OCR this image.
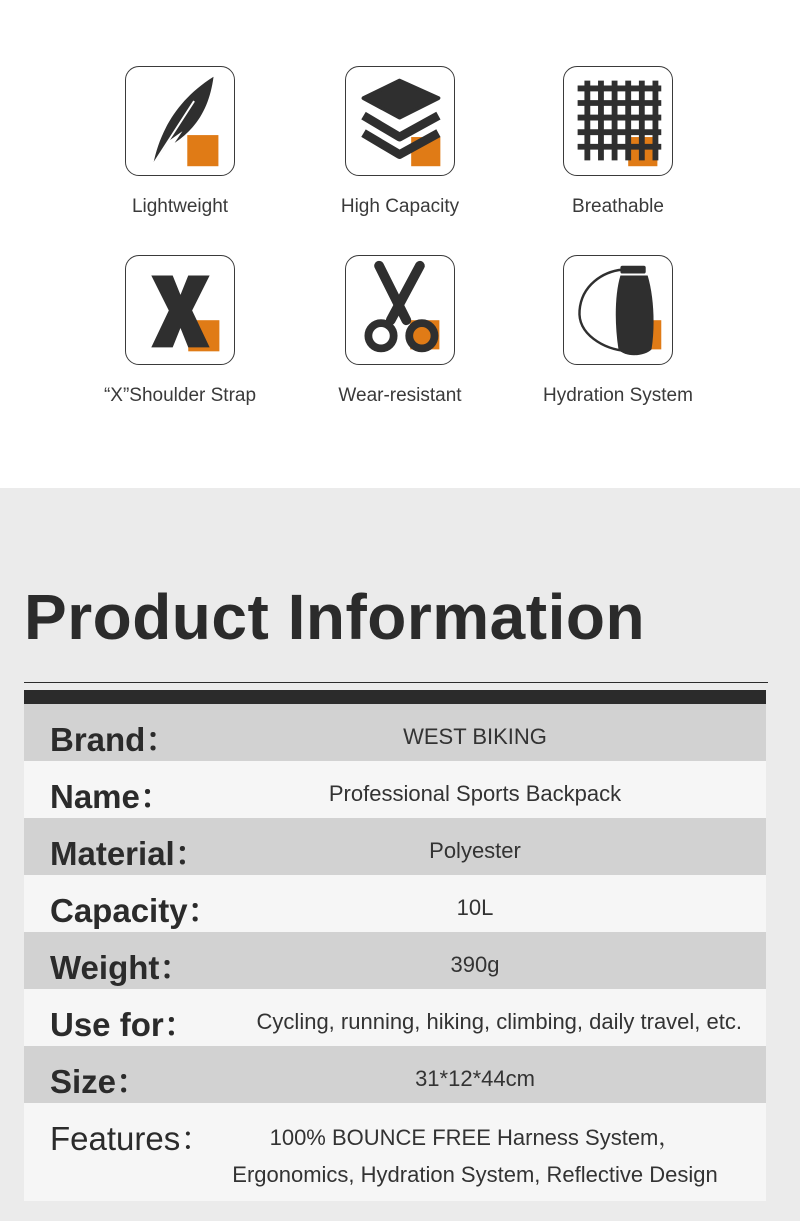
Lightweight	High Capacity	Breathable
“X”Shoulder Strap	Wear-resistant	Hydration System
Product Information
Brand：	WEST BIKING
Name：	Professional Sports Backpack
Material：	Polyester
Capacity：	10L
Weight：	390g
Use for：	Cycling, running, hiking, climbing, daily travel, etc.
Size：	31*12*44cm
Features：	100% BOUNCE FREE Harness System，
Ergonomics, Hydration System, Reflective Design
